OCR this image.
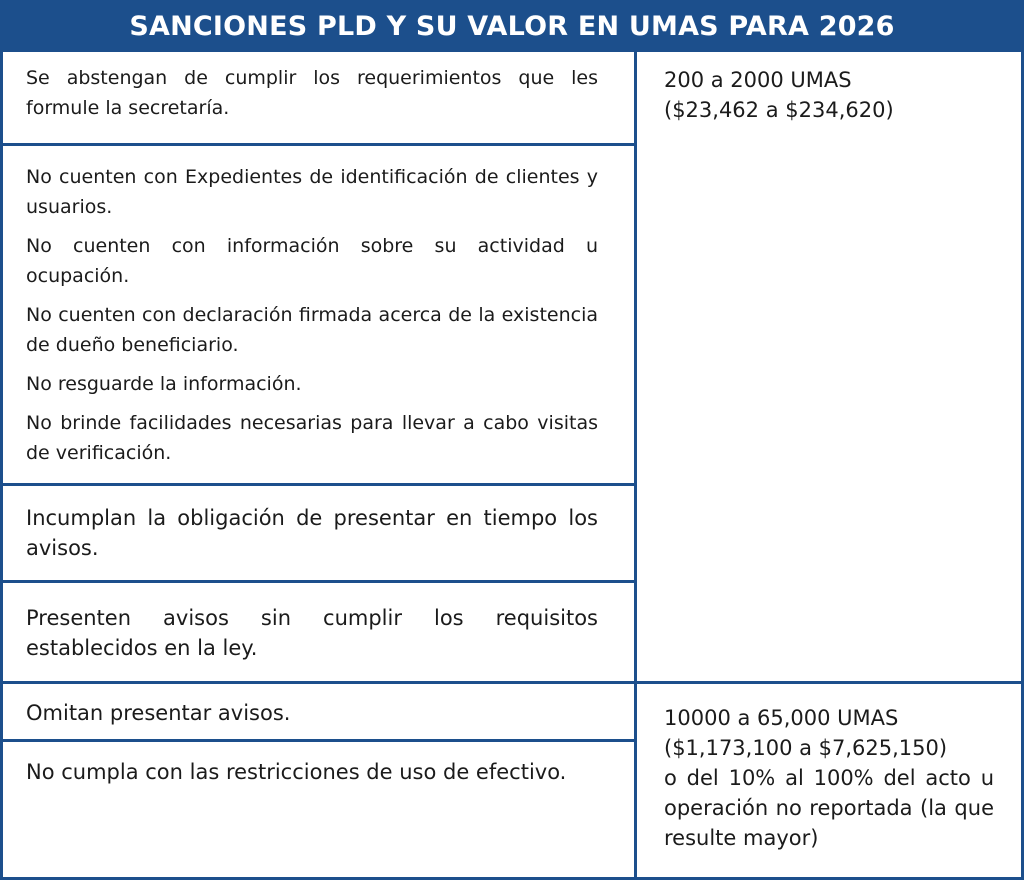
SANCIONES PLD Y SU VALOR EN UMAS PARA 2026

Se abstengan de cumplir los requerimientos que les formule la secretaría.

No cuenten con Expedientes de identificación de clientes y usuarios.

No cuenten con información sobre su actividad u ocupación.

No cuenten con declaración firmada acerca de la existencia de dueño beneficiario.

No resguarde la información.

No brinde facilidades necesarias para llevar a cabo visitas de verificación.

Incumplan la obligación de presentar en tiempo los avisos.

Presenten avisos sin cumplir los requisitos establecidos en la ley.

Omitan presentar avisos.

No cumpla con las restricciones de uso de efectivo.

200 a 2000 UMAS

($23,462 a $234,620)

10000 a 65,000 UMAS

($1,173,100 a $7,625,150)

o del 10% al 100% del acto u operación no reportada (la que resulte mayor)
